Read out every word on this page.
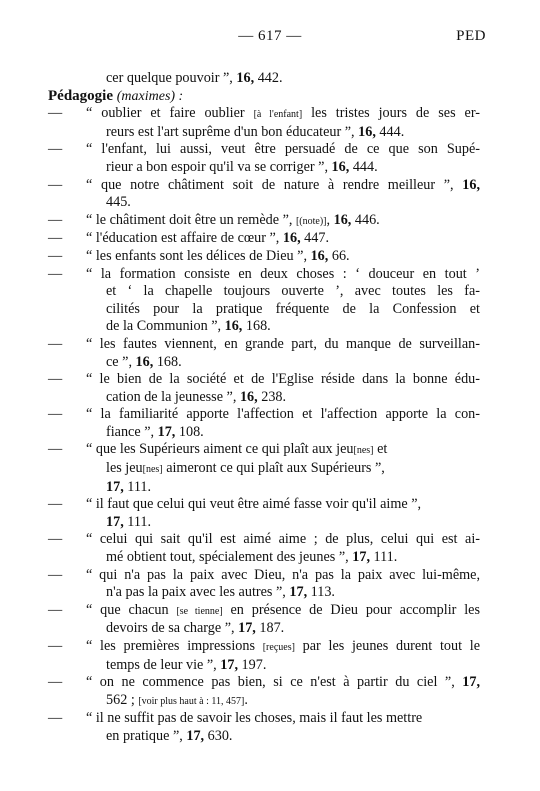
— 617 —	PED
cer quelque pouvoir ”, 16, 442.
Pédagogie (maximes) :
— “ oublier et faire oublier [à l'enfant] les tristes jours de ses er-
reurs est l'art suprême d'un bon éducateur ”, 16, 444.
— “ l'enfant, lui aussi, veut être persuadé de ce que son Supé-
rieur a bon espoir qu'il va se corriger ”, 16, 444.
— “ que notre châtiment soit de nature à rendre meilleur ”, 16,
445.
— “ le châtiment doit être un remède ”, [(note)], 16, 446.
— “ l'éducation est affaire de cœur ”, 16, 447.
— “ les enfants sont les délices de Dieu ”, 16, 66.
— “ la formation consiste en deux choses : ‘ douceur en tout ’
et ‘ la chapelle toujours ouverte ’, avec toutes les fa-
cilités pour la pratique fréquente de la Confession et
de la Communion ”, 16, 168.
— “ les fautes viennent, en grande part, du manque de surveillan-
ce ”, 16, 168.
— “ le bien de la société et de l'Eglise réside dans la bonne édu-
cation de la jeunesse ”, 16, 238.
— “ la familiarité apporte l'affection et l'affection apporte la con-
fiance ”, 17, 108.
— “ que les Supérieurs aiment ce qui plaît aux jeu[nes] et
les jeu[nes] aimeront ce qui plaît aux Supérieurs ”,
17, 111.
— “ il faut que celui qui veut être aimé fasse voir qu'il aime ”,
17, 111.
— “ celui qui sait qu'il est aimé aime ; de plus, celui qui est ai-
mé obtient tout, spécialement des jeunes ”, 17, 111.
— “ qui n'a pas la paix avec Dieu, n'a pas la paix avec lui-même,
n'a pas la paix avec les autres ”, 17, 113.
— “ que chacun [se tienne] en présence de Dieu pour accomplir les
devoirs de sa charge ”, 17, 187.
— “ les premières impressions [reçues] par les jeunes durent tout le
temps de leur vie ”, 17, 197.
— “ on ne commence pas bien, si ce n'est à partir du ciel ”, 17,
562 ; [voir plus haut à : 11, 457].
— “ il ne suffit pas de savoir les choses, mais il faut les mettre
en pratique ”, 17, 630.
